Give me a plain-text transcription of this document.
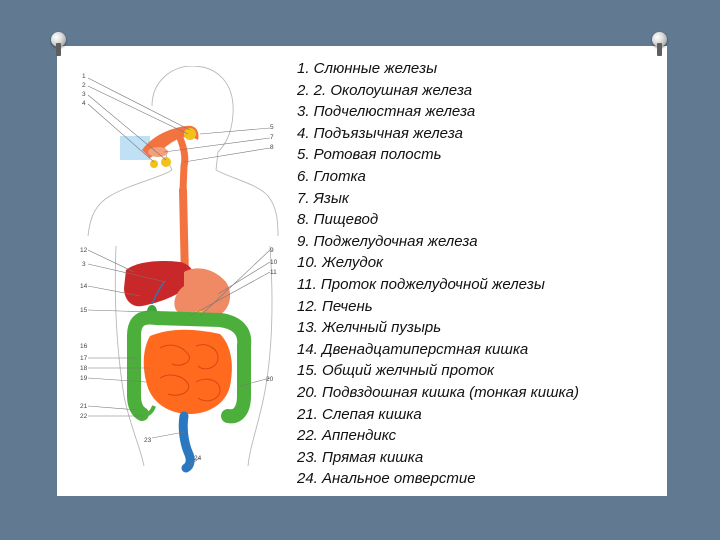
1
2
3
4
12
3
14
15
16
17
18
19
21
22
23
5
7
8
9
10
11
20
24
1. Слюнные железы
2. 2. Околоушная железа
3. Подчелюстная железа
4. Подъязычная железа
5. Ротовая полость
6. Глотка
7. Язык
8. Пищевод
9. Поджелудочная железа
10. Желудок
11. Проток поджелудочной железы
12. Печень
13. Желчный пузырь
14. Двенадцатиперстная кишка
15. Общий желчный проток
20. Подвздошная кишка (тонкая кишка)
21. Слепая кишка
22. Аппендикс
23. Прямая кишка
24. Анальное отверстие
